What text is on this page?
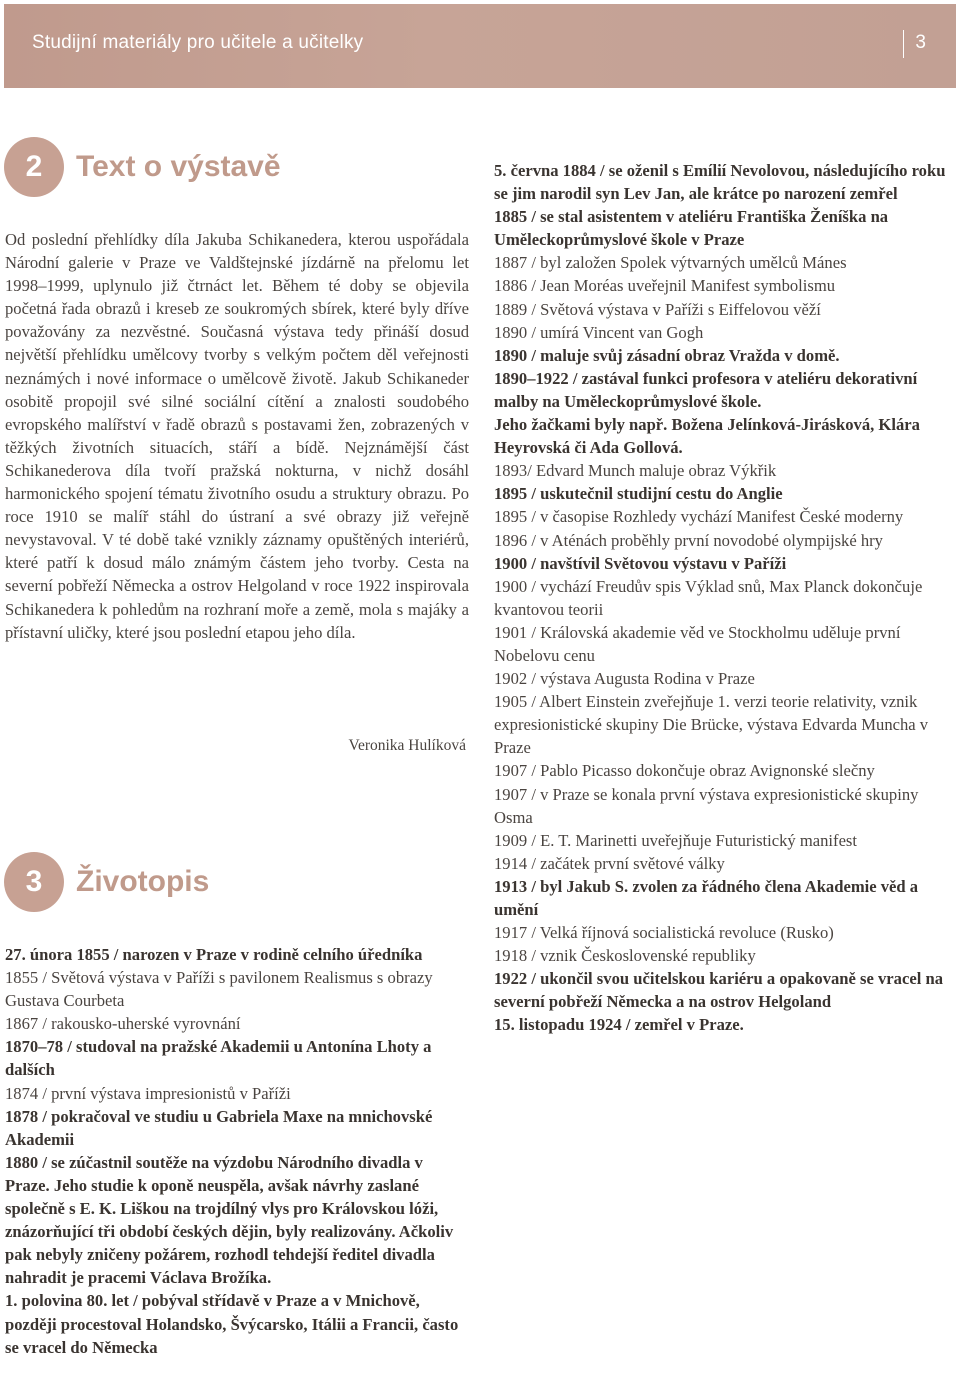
Studijní materiály pro učitele a učitelky	3
2	Text o výstavě

Od poslední přehlídky díla Jakuba Schikanedera, kterou uspořádala Národní galerie v Praze ve Valdštejnské jízdárně na přelomu let 1998–1999, uplynulo již čtrnáct let. Během té doby se objevila početná řada obrazů i kreseb ze soukromých sbírek, které byly dříve považovány za nezvěstné. Současná výstava tedy přináší dosud největší přehlídku umělcovy tvorby s velkým počtem děl veřejnosti neznámých i nové informace o umělcově životě. Jakub Schikaneder osobitě propojil své silné sociální cítění a znalosti soudobého evropského malířství v řadě obrazů s postavami žen, zobrazených v těžkých životních situacích, stáří a bídě. Nejznámější část Schikanederova díla tvoří pražská nokturna, v nichž dosáhl harmonického spojení tématu životního osudu a struktury obrazu. Po roce 1910 se malíř stáhl do ústraní a své obrazy již veřejně nevystavoval. V té době také vznikly záznamy opuštěných interiérů, které patří k dosud málo známým částem jeho tvorby. Cesta na severní pobřeží Německa a ostrov Helgoland v roce 1922 inspirovala Schikanedera k pohledům na rozhraní moře a země, mola s majáky a přístavní uličky, které jsou poslední etapou jeho díla.

Veronika Hulíková
3	Životopis
27. února 1855 / narozen v Praze v rodině celního úředníka
1855 / Světová výstava v Paříži s pavilonem Realismus s obrazy Gustava Courbeta
1867 / rakousko-uherské vyrovnání
1870–78 / studoval na pražské Akademii u Antonína Lhoty a dalších
1874 / první výstava impresionistů v Paříži
1878 / pokračoval ve studiu u Gabriela Maxe na mnichovské Akademii
1880 / se zúčastnil soutěže na výzdobu Národního divadla v Praze. Jeho studie k oponě neuspěla, avšak návrhy zaslané společně s E. K. Liškou na trojdílný vlys pro Královskou lóži, znázorňující tři období českých dějin, byly realizovány. Ačkoliv pak nebyly zničeny požárem, rozhodl tehdejší ředitel divadla nahradit je pracemi Václava Brožíka.
1. polovina 80. let / pobýval střídavě v Praze a v Mnichově, později procestoval Holandsko, Švýcarsko, Itálii a Francii, často se vracel do Německa
5. června 1884 / se oženil s Emílií Nevolovou, následujícího roku se jim narodil syn Lev Jan, ale krátce po narození zemřel
1885 / se stal asistentem v ateliéru Františka Ženíška na Uměleckoprůmyslové škole v Praze
1887 / byl založen Spolek výtvarných umělců Mánes
1886 / Jean Moréas uveřejnil Manifest symbolismu
1889 / Světová výstava v Paříži s Eiffelovou věží
1890 / umírá Vincent van Gogh
1890 / maluje svůj zásadní obraz Vražda v domě.
1890–1922 / zastával funkci profesora v ateliéru dekorativní malby na Uměleckoprůmyslové škole.
Jeho žačkami byly např. Božena Jelínková-Jirásková, Klára Heyrovská či Ada Gollová.
1893/ Edvard Munch maluje obraz Výkřik
1895 / uskutečnil studijní cestu do Anglie
1895 / v časopise Rozhledy vychází Manifest České moderny
1896 / v Aténách proběhly první novodobé olympijské hry
1900 / navštívil Světovou výstavu v Paříži
1900 / vychází Freudův spis Výklad snů, Max Planck dokončuje kvantovou teorii
1901 / Královská akademie věd ve Stockholmu uděluje první Nobelovu cenu
1902 / výstava Augusta Rodina v Praze
1905 / Albert Einstein zveřejňuje 1. verzi teorie relativity, vznik expresionistické skupiny Die Brücke, výstava Edvarda Muncha v Praze
1907 / Pablo Picasso dokončuje obraz Avignonské slečny
1907 / v Praze se konala první výstava expresionistické skupiny Osma
1909 / E. T. Marinetti uveřejňuje Futuristický manifest
1914 / začátek první světové války
1913 / byl Jakub S. zvolen za řádného člena Akademie věd a umění
1917 / Velká říjnová socialistická revoluce (Rusko)
1918 / vznik Československé republiky
1922 / ukončil svou učitelskou kariéru a opakovaně se vracel na severní pobřeží Německa a na ostrov Helgoland
15. listopadu 1924 / zemřel v Praze.
